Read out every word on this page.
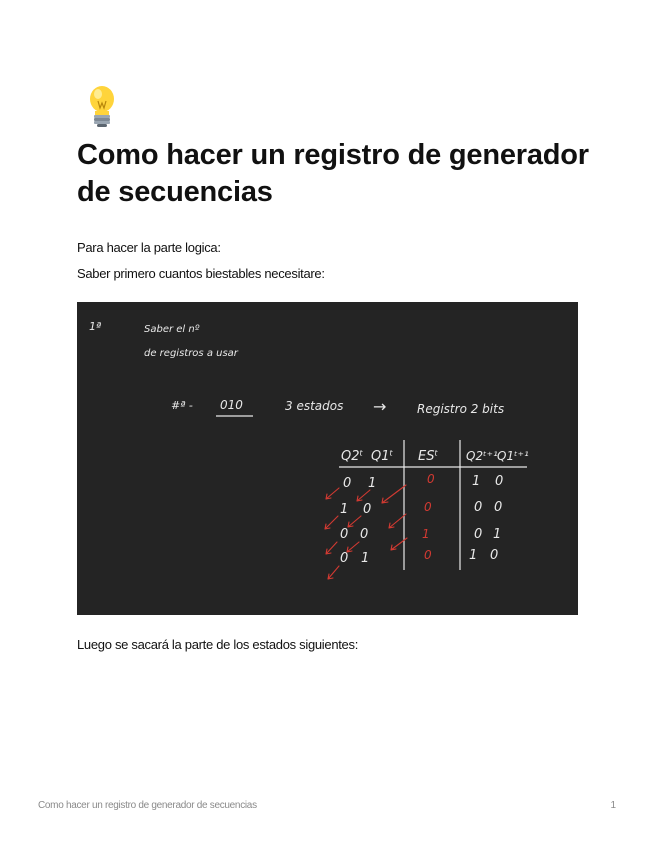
Como hacer un registro de generador de secuencias
Para hacer la parte logica:
Saber primero cuantos biestables necesitare:
1ª	Saber el nº
de registros a usar
#ª - 010	3 estados →	Registro 2 bits
Q2ᵗ Q1ᵗ ESᵗ Q2ᵗ⁺¹ Q1ᵗ⁺¹
0 1	0	1 0
1 0	0	0 0
0 0	1	0 1
0 1	0	1 0
Luego se sacará la parte de los estados siguientes:
Como hacer un registro de generador de secuencias	1
